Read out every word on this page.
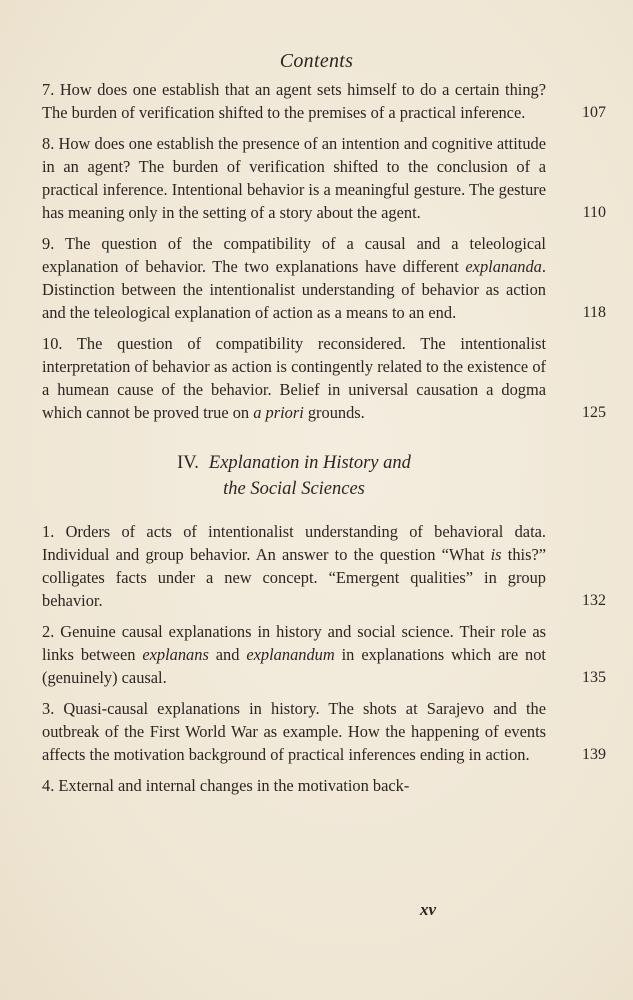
Contents
7. How does one establish that an agent sets himself to do a certain thing? The burden of verification shifted to the premises of a practical inference.	107
8. How does one establish the presence of an intention and cognitive attitude in an agent? The burden of verification shifted to the conclusion of a practical inference. Intentional behavior is a meaningful gesture. The gesture has meaning only in the setting of a story about the agent.	110
9. The question of the compatibility of a causal and a teleological explanation of behavior. The two explanations have different explananda. Distinction between the intentionalist understanding of behavior as action and the teleological explanation of action as a means to an end.	118
10. The question of compatibility reconsidered. The intentionalist interpretation of behavior as action is contingently related to the existence of a humean cause of the behavior. Belief in universal causation a dogma which cannot be proved true on a priori grounds.	125
IV. Explanation in History and
the Social Sciences
1. Orders of acts of intentionalist understanding of behavioral data. Individual and group behavior. An answer to the question “What is this?” colligates facts under a new concept. “Emergent qualities” in group behavior.	132
2. Genuine causal explanations in history and social science. Their role as links between explanans and explanandum in explanations which are not (genuinely) causal.	135
3. Quasi-causal explanations in history. The shots at Sarajevo and the outbreak of the First World War as example. How the happening of events affects the motivation background of practical inferences ending in action.	139
4. External and internal changes in the motivation back-
xv
